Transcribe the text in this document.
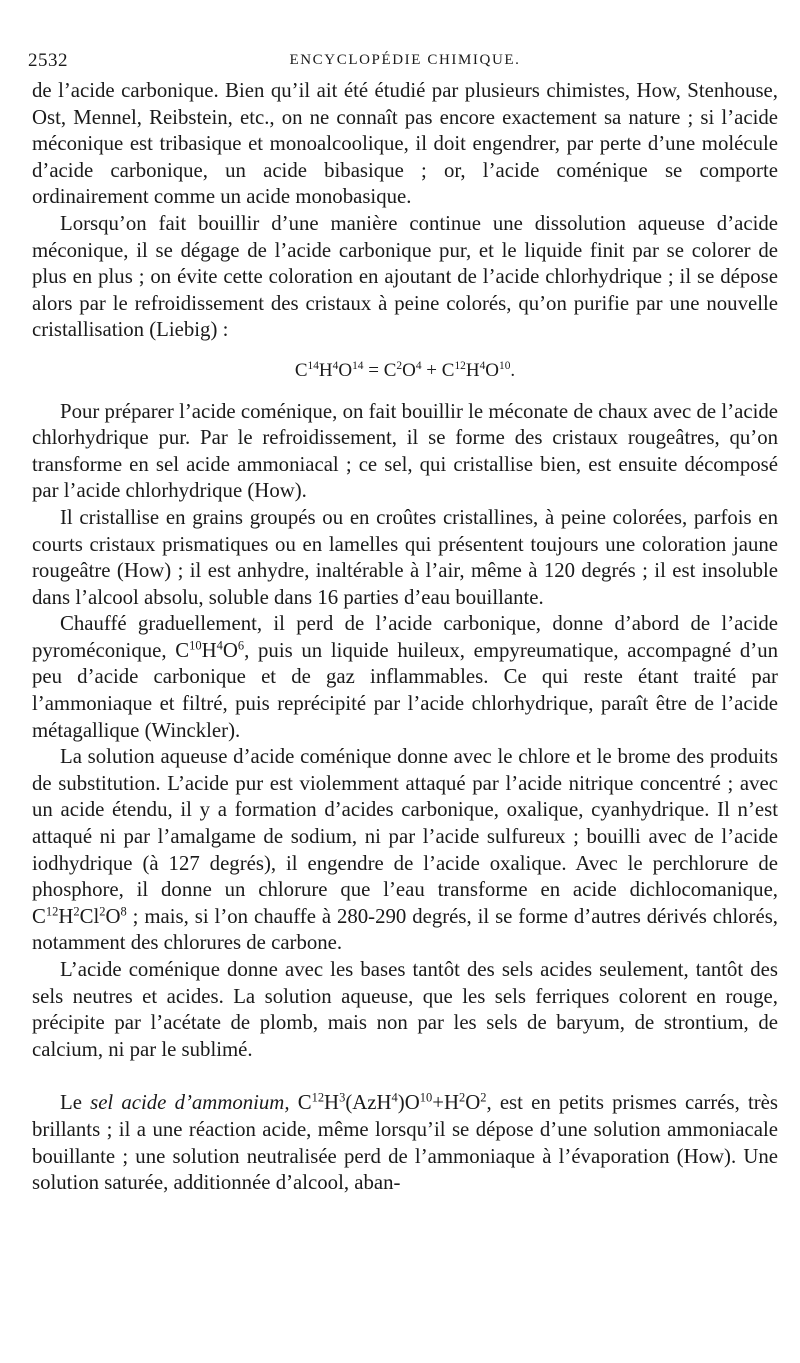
2532	ENCYCLOPÉDIE CHIMIQUE.

de l’acide carbonique. Bien qu’il ait été étudié par plusieurs chimistes, How, Stenhouse, Ost, Mennel, Reibstein, etc., on ne connaît pas encore exactement sa nature ; si l’acide méconique est tribasique et monoalcoolique, il doit engendrer, par perte d’une molécule d’acide carbonique, un acide bibasique ; or, l’acide coménique se comporte ordinairement comme un acide monobasique.

Lorsqu’on fait bouillir d’une manière continue une dissolution aqueuse d’acide méconique, il se dégage de l’acide carbonique pur, et le liquide finit par se colorer de plus en plus ; on évite cette coloration en ajoutant de l’acide chlorhydrique ; il se dépose alors par le refroidissement des cristaux à peine colorés, qu’on purifie par une nouvelle cristallisation (Liebig) :

$C^{14}H^4O^{14} = C^2O^4 + C^{12}H^4O^{10}$.

Pour préparer l’acide coménique, on fait bouillir le méconate de chaux avec de l’acide chlorhydrique pur. Par le refroidissement, il se forme des cristaux rougeâtres, qu’on transforme en sel acide ammoniacal ; ce sel, qui cristallise bien, est ensuite décomposé par l’acide chlorhydrique (How).

Il cristallise en grains groupés ou en croûtes cristallines, à peine colorées, parfois en courts cristaux prismatiques ou en lamelles qui présentent toujours une coloration jaune rougeâtre (How) ; il est anhydre, inaltérable à l’air, même à 120 degrés ; il est insoluble dans l’alcool absolu, soluble dans 16 parties d’eau bouillante.

Chauffé graduellement, il perd de l’acide carbonique, donne d’abord de l’acide pyroméconique, $C^{10}H^4O^6$, puis un liquide huileux, empyreumatique, accompagné d’un peu d’acide carbonique et de gaz inflammables. Ce qui reste étant traité par l’ammoniaque et filtré, puis reprécipité par l’acide chlorhydrique, paraît être de l’acide métagallique (Winckler).

La solution aqueuse d’acide coménique donne avec le chlore et le brome des produits de substitution. L’acide pur est violemment attaqué par l’acide nitrique concentré ; avec un acide étendu, il y a formation d’acides carbonique, oxalique, cyanhydrique. Il n’est attaqué ni par l’amalgame de sodium, ni par l’acide sulfureux ; bouilli avec de l’acide iodhydrique (à 127 degrés), il engendre de l’acide oxalique. Avec le perchlorure de phosphore, il donne un chlorure que l’eau transforme en acide dichlocomanique, $C^{12}H^2Cl^2O^8$ ; mais, si l’on chauffe à 280-290 degrés, il se forme d’autres dérivés chlorés, notamment des chlorures de carbone.

L’acide coménique donne avec les bases tantôt des sels acides seulement, tantôt des sels neutres et acides. La solution aqueuse, que les sels ferriques colorent en rouge, précipite par l’acétate de plomb, mais non par les sels de baryum, de strontium, de calcium, ni par le sublimé.

Le sel acide d’ammonium, $C^{12}H^3(AzH^4)O^{10}+H^2O^2$, est en petits prismes carrés, très brillants ; il a une réaction acide, même lorsqu’il se dépose d’une solution ammoniacale bouillante ; une solution neutralisée perd de l’ammoniaque à l’évaporation (How). Une solution saturée, additionnée d’alcool, aban-
